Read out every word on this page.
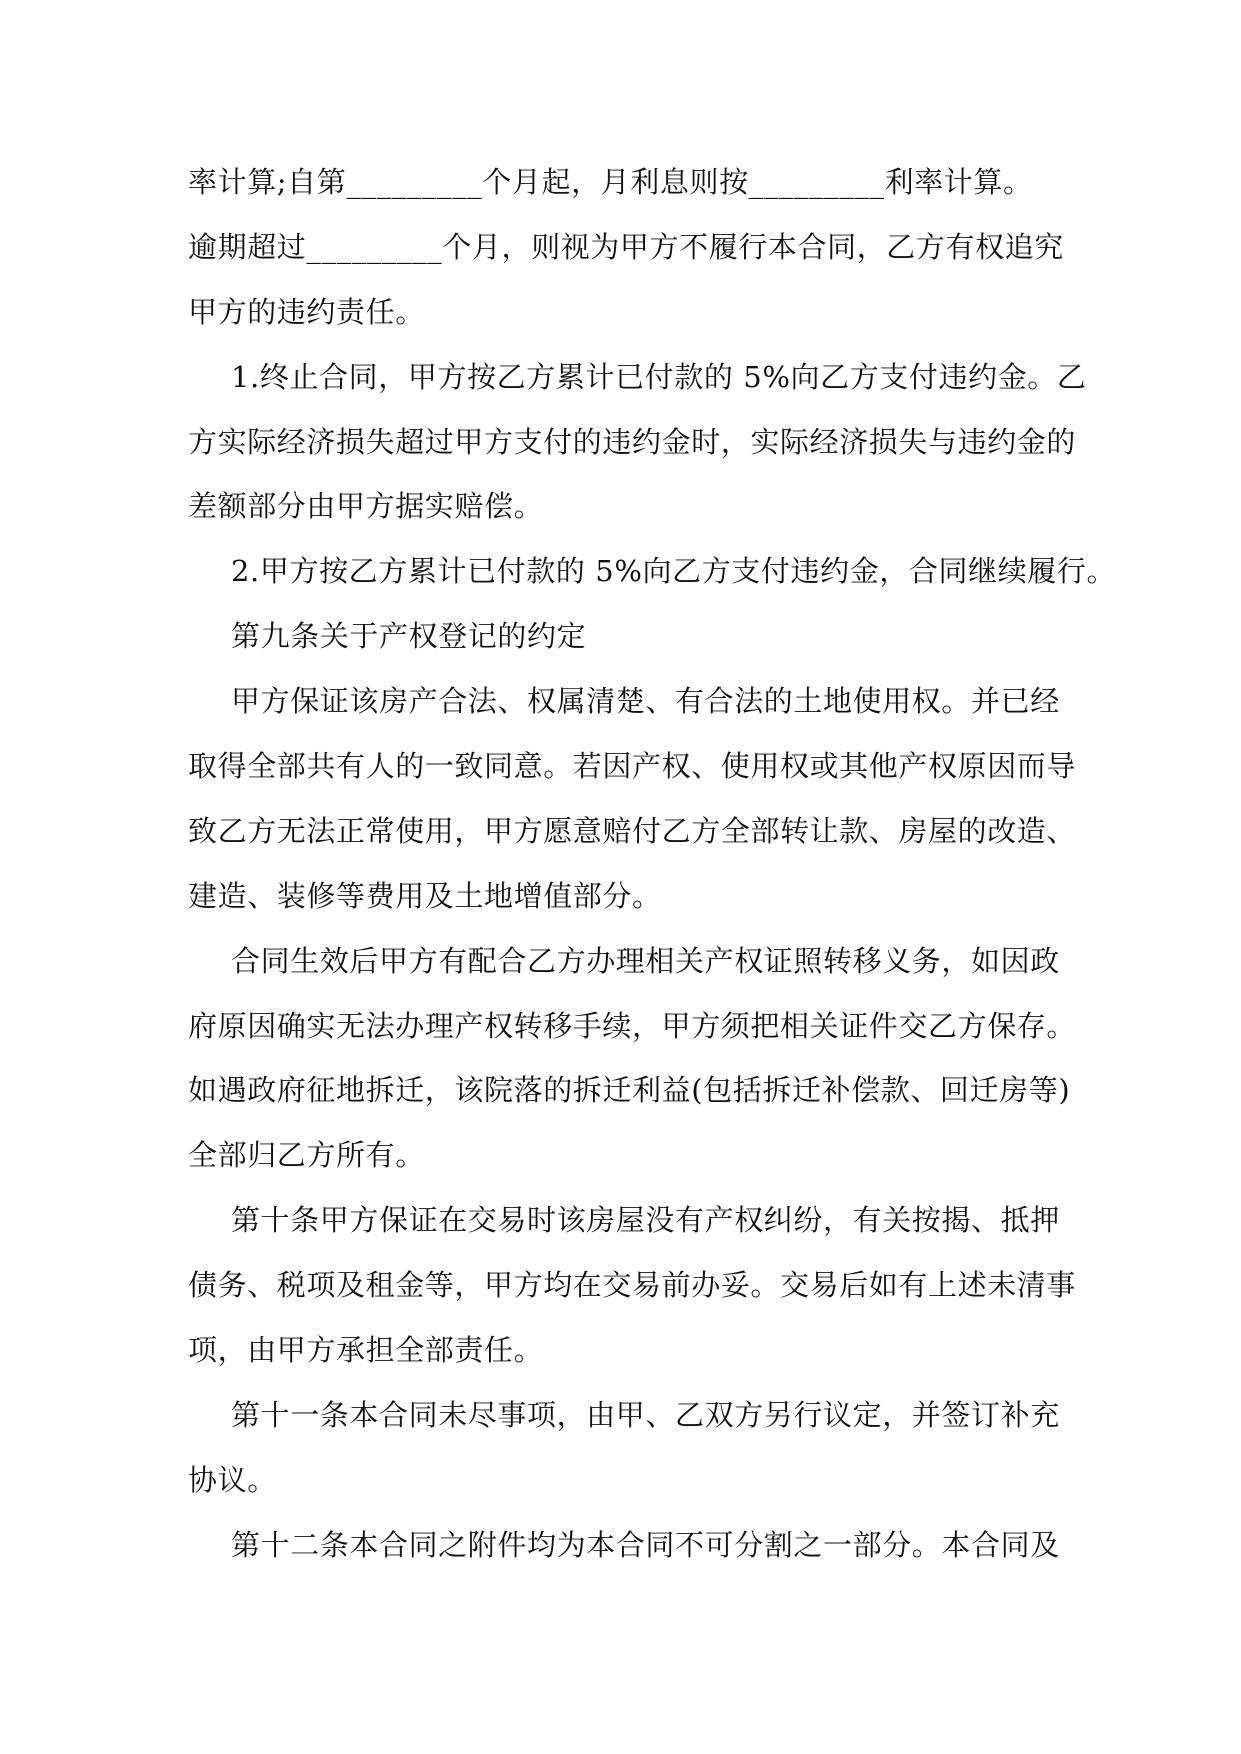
率计算;自第_________个月起，月利息则按_________利率计算。
逾期超过_________个月，则视为甲方不履行本合同，乙方有权追究
甲方的违约责任。
1.终止合同，甲方按乙方累计已付款的 5%向乙方支付违约金。乙
方实际经济损失超过甲方支付的违约金时，实际经济损失与违约金的
差额部分由甲方据实赔偿。
2.甲方按乙方累计已付款的 5%向乙方支付违约金，合同继续履行。
第九条关于产权登记的约定
甲方保证该房产合法、权属清楚、有合法的土地使用权。并已经
取得全部共有人的一致同意。若因产权、使用权或其他产权原因而导
致乙方无法正常使用，甲方愿意赔付乙方全部转让款、房屋的改造、
建造、装修等费用及土地增值部分。
合同生效后甲方有配合乙方办理相关产权证照转移义务，如因政
府原因确实无法办理产权转移手续，甲方须把相关证件交乙方保存。
如遇政府征地拆迁，该院落的拆迁利益(包括拆迁补偿款、回迁房等)
全部归乙方所有。
第十条甲方保证在交易时该房屋没有产权纠纷，有关按揭、抵押
债务、税项及租金等，甲方均在交易前办妥。交易后如有上述未清事
项，由甲方承担全部责任。
第十一条本合同未尽事项，由甲、乙双方另行议定，并签订补充
协议。
第十二条本合同之附件均为本合同不可分割之一部分。本合同及
